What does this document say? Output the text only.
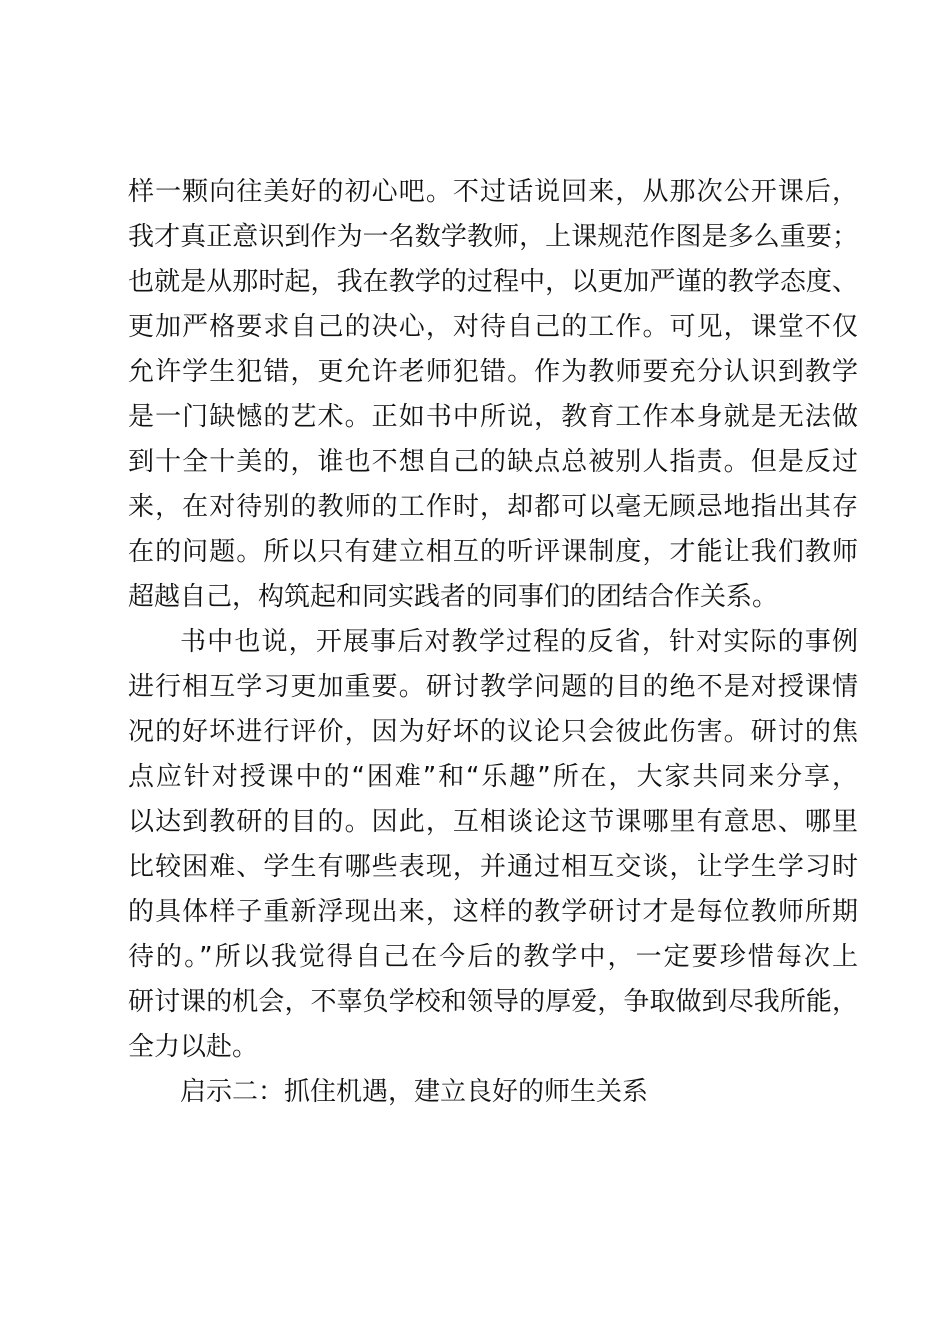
样一颗向往美好的初心吧。不过话说回来，从那次公开课后，
我才真正意识到作为一名数学教师，上课规范作图是多么重要；
也就是从那时起，我在教学的过程中，以更加严谨的教学态度、
更加严格要求自己的决心，对待自己的工作。可见，课堂不仅
允许学生犯错，更允许老师犯错。作为教师要充分认识到教学
是一门缺憾的艺术。正如书中所说，教育工作本身就是无法做
到十全十美的，谁也不想自己的缺点总被别人指责。但是反过
来，在对待别的教师的工作时，却都可以毫无顾忌地指出其存
在的问题。所以只有建立相互的听评课制度，才能让我们教师
超越自己，构筑起和同实践者的同事们的团结合作关系。
书中也说，开展事后对教学过程的反省，针对实际的事例
进行相互学习更加重要。研讨教学问题的目的绝不是对授课情
况的好坏进行评价，因为好坏的议论只会彼此伤害。研讨的焦
点应针对授课中的“困难”和“乐趣”所在，大家共同来分享，
以达到教研的目的。因此，互相谈论这节课哪里有意思、哪里
比较困难、学生有哪些表现，并通过相互交谈，让学生学习时
的具体样子重新浮现出来，这样的教学研讨才是每位教师所期
待的。”所以我觉得自己在今后的教学中，一定要珍惜每次上
研讨课的机会，不辜负学校和领导的厚爱，争取做到尽我所能，
全力以赴。
启示二：抓住机遇，建立良好的师生关系
